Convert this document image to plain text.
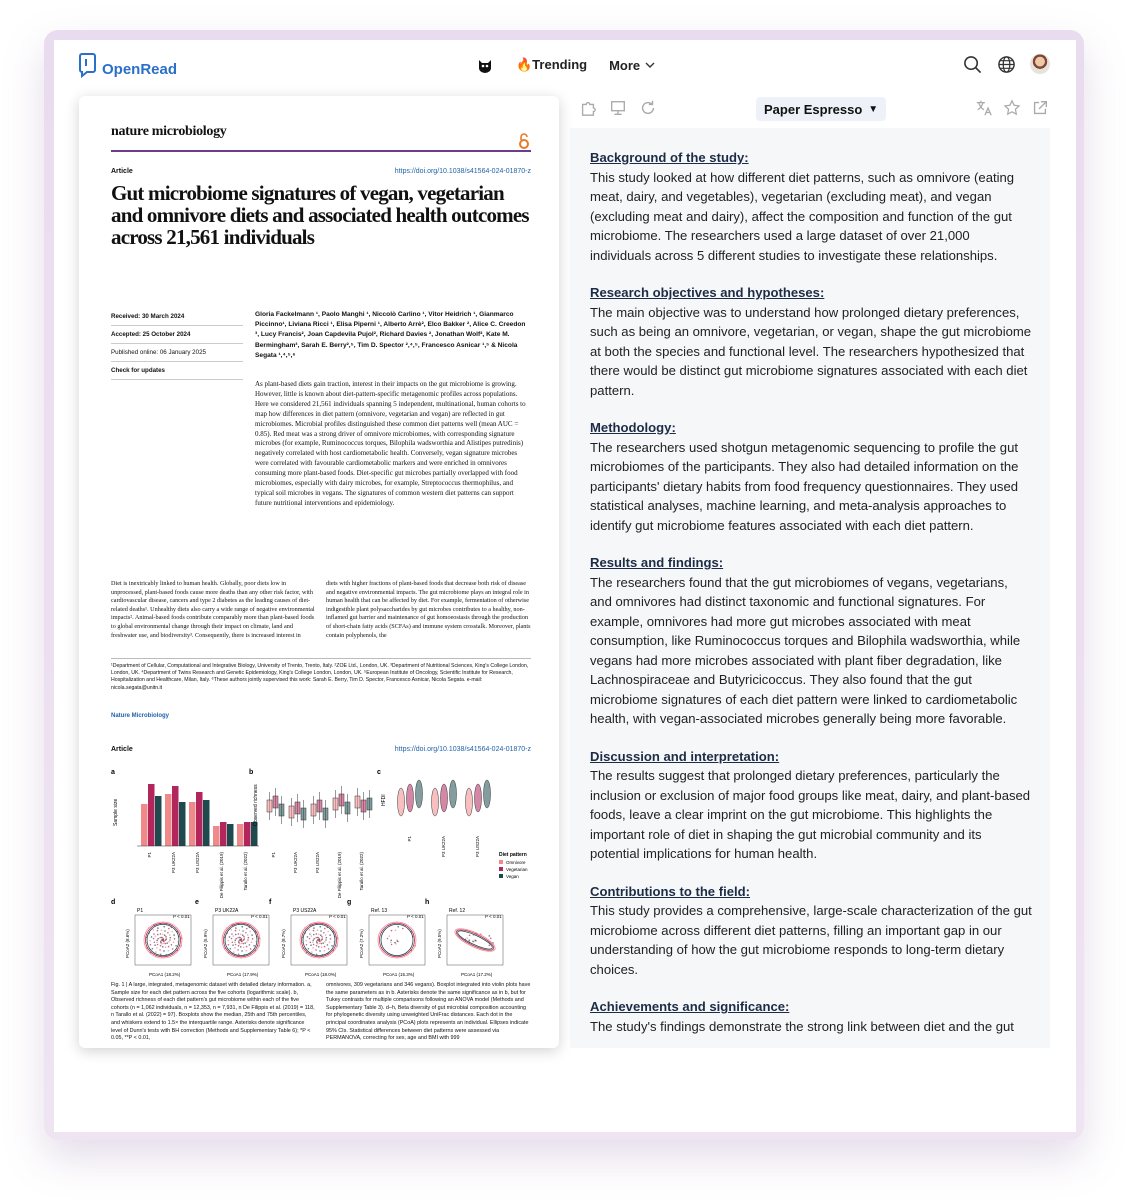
OpenRead	🔥Trending More
nature microbiology
Article	https://doi.org/10.1038/s41564-024-01870-z
Gut microbiome signatures of vegan, vegetarian and omnivore diets and associated health outcomes across 21,561 individuals
Received: 30 March 2024
Accepted: 25 October 2024
Published online: 06 January 2025
Check for updates
Gloria Fackelmann ¹, Paolo Manghi ¹, Niccolò Carlino ¹, Vitor Heidrich ¹, Gianmarco Piccinno¹, Liviana Ricci ¹, Elisa Piperni ¹, Alberto Arrè², Elco Bakker ², Alice C. Creedon ³, Lucy Francis², Joan Capdevila Pujol², Richard Davies ², Jonathan Wolf², Kate M. Bermingham³, Sarah E. Berry²,⁵, Tim D. Spector ²,⁴,⁵, Francesco Asnicar ¹,⁵ & Nicola Segata ¹,⁴,⁵,⁶
As plant-based diets gain traction, interest in their impacts on the gut microbiome is growing. However, little is known about diet-pattern-specific metagenomic profiles across populations. Here we considered 21,561 individuals spanning 5 independent, multinational, human cohorts to map how differences in diet pattern (omnivore, vegetarian and vegan) are reflected in gut microbiomes. Microbial profiles distinguished these common diet patterns well (mean AUC = 0.85). Red meat was a strong driver of omnivore microbiomes, with corresponding signature microbes (for example, Ruminococcus torques, Bilophila wadsworthia and Alistipes putredinis) negatively correlated with host cardiometabolic health. Conversely, vegan signature microbes were correlated with favourable cardiometabolic markers and were enriched in omnivores consuming more plant-based foods. Diet-specific gut microbes partially overlapped with food microbiomes, especially with dairy microbes, for example, Streptococcus thermophilus, and typical soil microbes in vegans. The signatures of common western diet patterns can support future nutritional interventions and epidemiology.
Diet is inextricably linked to human health. Globally, poor diets low in unprocessed, plant-based foods cause more deaths than any other risk factor, with cardiovascular disease, cancers and type 2 diabetes as the leading causes of diet-related deaths¹. Unhealthy diets also carry a wide range of negative environmental impacts². Animal-based foods contribute comparably more than plant-based foods to global environmental change through their impact on climate, land and freshwater use, and biodiversity³. Consequently, there is increased interest in
diets with higher fractions of plant-based foods that decrease both risk of disease and negative environmental impacts. The gut microbiome plays an integral role in human health that can be affected by diet. For example, fermentation of otherwise indigestible plant polysaccharides by gut microbes contributes to a healthy, non-inflamed gut barrier and maintenance of gut homoeostasis through the production of short-chain fatty acids (SCFAs) and immune system crosstalk. Moreover, plants contain polyphenols, the
¹Department of Cellular, Computational and Integrative Biology, University of Trento, Trento, Italy. ²ZOE Ltd., London, UK. ³Department of Nutritional Sciences, King's College London, London, UK. ⁴Department of Twins Research and Genetic Epidemiology, King's College London, London, UK. ⁵European Institute of Oncology, Scientific Institute for Research, Hospitalization and Healthcare, Milan, Italy. ⁶These authors jointly supervised this work: Sarah E. Berry, Tim D. Spector, Francesco Asnicar, Nicola Segata. e-mail: nicola.segata@unitn.it
Nature Microbiology
Article	https://doi.org/10.1038/s41564-024-01870-z
a	b	c
d	e	f	g	h
Sample size
P1	P3 UK22A	P3 US22A	De Filippis et al. (2019)	Tarallo et al. (2022)
Observed richness
P1	P3 UK22A	P3 US22A	De Filippis et al. (2019)	Tarallo et al. (2022)
HFDI
P1	P3 UK22A	P3 US22A	Diet pattern
Omnivore
Vegetarian
Vegan
P1
P < 0.01
PCoA1 (18.2%)
PCoA2 (8.6%)
P3 UK22A
P < 0.01
PCoA1 (17.9%)
PCoA2 (5.9%)
P3 US22A
P < 0.01
PCoA1 (18.0%)
PCoA2 (8.7%)
Ref. 13
P < 0.01
PCoA1 (15.3%)
PCoA2 (7.2%)
Ref. 12
P < 0.01
PCoA1 (17.2%)
PCoA2 (9.5%)
Fig. 1 | A large, integrated, metagenomic dataset with detailed dietary information. a, Sample size for each diet pattern across the five cohorts (logarithmic scale). b, Observed richness of each diet pattern's gut microbiome within each of the five cohorts (n = 1,062 individuals, n = 12,353, n = 7,931, n De Filippis et al. (2019) = 118, n Tarallo et al. (2022) = 97). Boxplots show the median, 25th and 75th percentiles, and whiskers extend to 1.5× the interquartile range. Asterisks denote significance level of Dunn's tests with BH correction (Methods and Supplementary Table 6); *P < 0.05, **P < 0.01,
omnivores, 309 vegetarians and 346 vegans). Boxplot integrated into violin plots have the same parameters as in b. Asterisks denote the same significance as in b, but for Tukey contrasts for multiple comparisons following an ANOVA model (Methods and Supplementary Table 3). d–h, Beta diversity of gut microbial composition accounting for phylogenetic diversity using unweighted UniFrac distances. Each dot in the principal coordinates analysis (PCoA) plots represents an individual. Ellipses indicate 95% CIs. Statistical differences between diet patterns were assessed via PERMANOVA, correcting for sex, age and BMI with 999
Paper Espresso ▼
Background of the study:

This study looked at how different diet patterns, such as omnivore (eating meat, dairy, and vegetables), vegetarian (excluding meat), and vegan (excluding meat and dairy), affect the composition and function of the gut microbiome. The researchers used a large dataset of over 21,000 individuals across 5 different studies to investigate these relationships.

Research objectives and hypotheses:

The main objective was to understand how prolonged dietary preferences, such as being an omnivore, vegetarian, or vegan, shape the gut microbiome at both the species and functional level. The researchers hypothesized that there would be distinct gut microbiome signatures associated with each diet pattern.

Methodology:

The researchers used shotgun metagenomic sequencing to profile the gut microbiomes of the participants. They also had detailed information on the participants' dietary habits from food frequency questionnaires. They used statistical analyses, machine learning, and meta-analysis approaches to identify gut microbiome features associated with each diet pattern.

Results and findings:

The researchers found that the gut microbiomes of vegans, vegetarians, and omnivores had distinct taxonomic and functional signatures. For example, omnivores had more gut microbes associated with meat consumption, like Ruminococcus torques and Bilophila wadsworthia, while vegans had more microbes associated with plant fiber degradation, like Lachnospiraceae and Butyricicoccus. They also found that the gut microbiome signatures of each diet pattern were linked to cardiometabolic health, with vegan-associated microbes generally being more favorable.

Discussion and interpretation:

The results suggest that prolonged dietary preferences, particularly the inclusion or exclusion of major food groups like meat, dairy, and plant-based foods, leave a clear imprint on the gut microbiome. This highlights the important role of diet in shaping the gut microbial community and its potential implications for human health.

Contributions to the field:

This study provides a comprehensive, large-scale characterization of the gut microbiome across different diet patterns, filling an important gap in our understanding of how the gut microbiome responds to long-term dietary choices.

Achievements and significance:

The study's findings demonstrate the strong link between diet and the gut
